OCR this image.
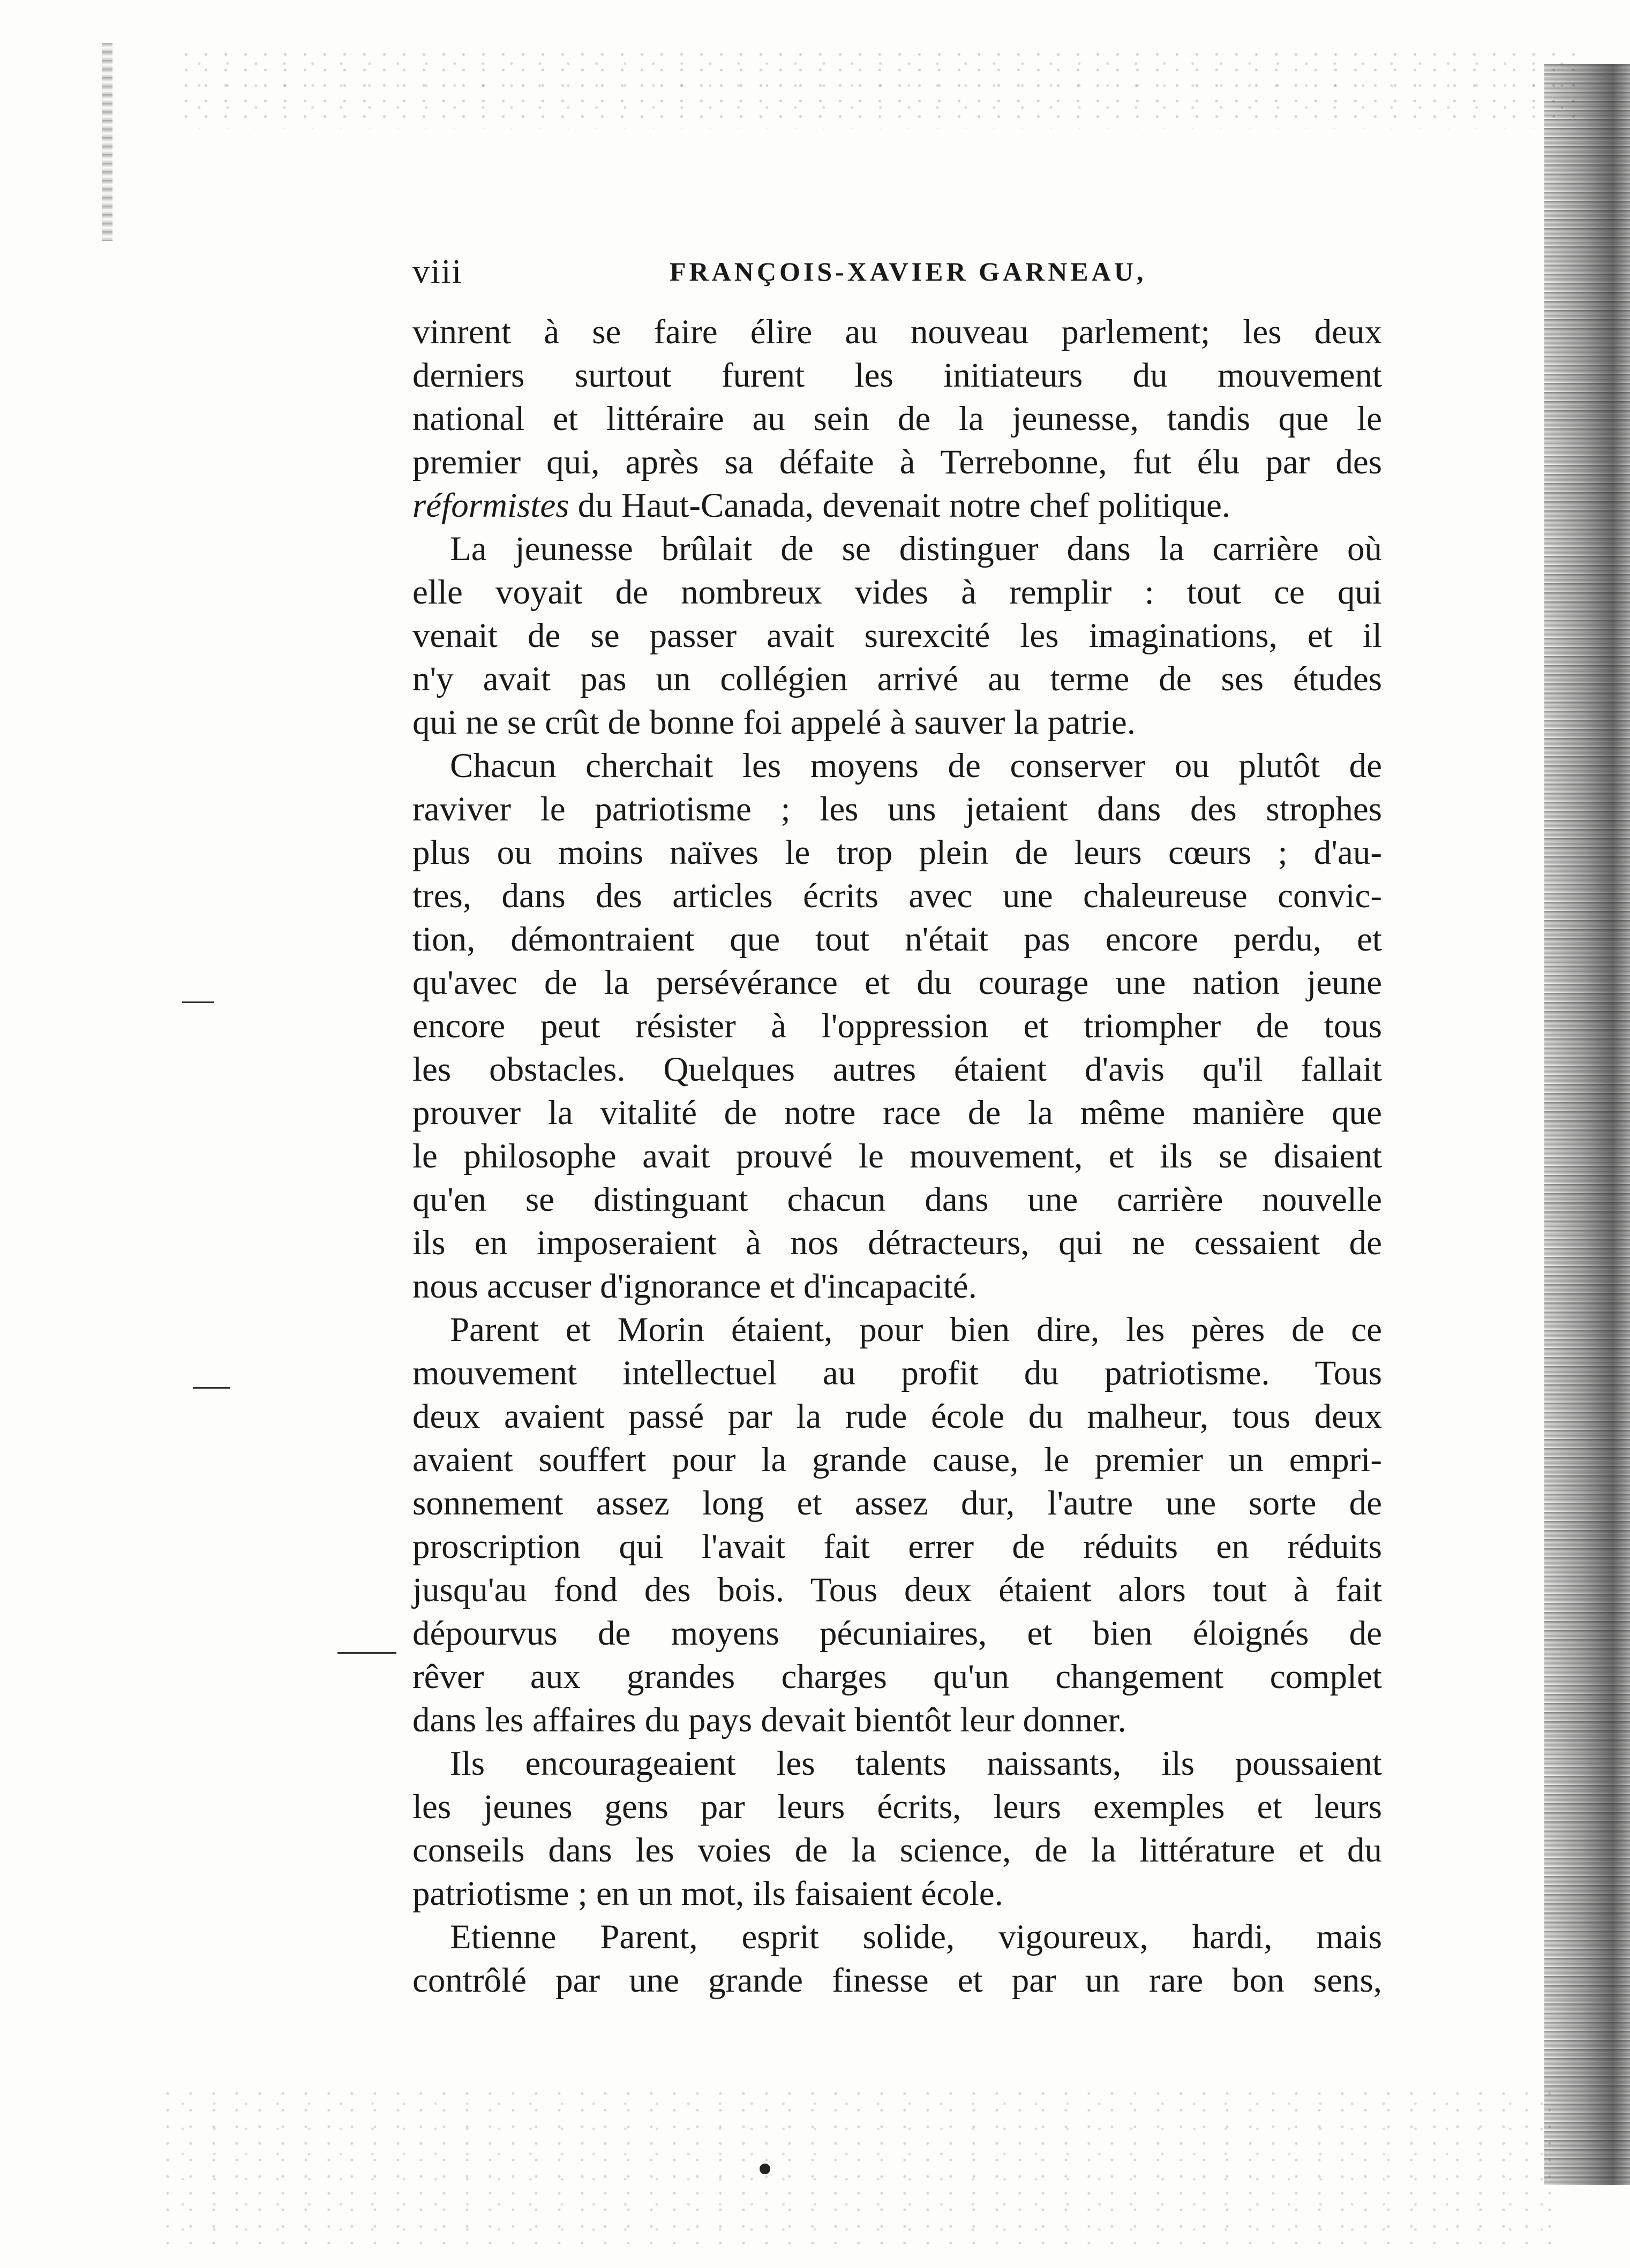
viii	FRANÇOIS-XAVIER GARNEAU,
vinrent à se faire élire au nouveau parlement; les deux
derniers surtout furent les initiateurs du mouvement
national et littéraire au sein de la jeunesse, tandis que le
premier qui, après sa défaite à Terrebonne, fut élu par des
réformistes du Haut-Canada, devenait notre chef politique.
La jeunesse brûlait de se distinguer dans la carrière où
elle voyait de nombreux vides à remplir : tout ce qui
venait de se passer avait surexcité les imaginations, et il
n'y avait pas un collégien arrivé au terme de ses études
qui ne se crût de bonne foi appelé à sauver la patrie.
Chacun cherchait les moyens de conserver ou plutôt de
raviver le patriotisme ; les uns jetaient dans des strophes
plus ou moins naïves le trop plein de leurs cœurs ; d'au-
tres, dans des articles écrits avec une chaleureuse convic-
tion, démontraient que tout n'était pas encore perdu, et
qu'avec de la persévérance et du courage une nation jeune
encore peut résister à l'oppression et triompher de tous
les obstacles. Quelques autres étaient d'avis qu'il fallait
prouver la vitalité de notre race de la même manière que
le philosophe avait prouvé le mouvement, et ils se disaient
qu'en se distinguant chacun dans une carrière nouvelle
ils en imposeraient à nos détracteurs, qui ne cessaient de
nous accuser d'ignorance et d'incapacité.
Parent et Morin étaient, pour bien dire, les pères de ce
mouvement intellectuel au profit du patriotisme. Tous
deux avaient passé par la rude école du malheur, tous deux
avaient souffert pour la grande cause, le premier un empri-
sonnement assez long et assez dur, l'autre une sorte de
proscription qui l'avait fait errer de réduits en réduits
jusqu'au fond des bois. Tous deux étaient alors tout à fait
dépourvus de moyens pécuniaires, et bien éloignés de
rêver aux grandes charges qu'un changement complet
dans les affaires du pays devait bientôt leur donner.
Ils encourageaient les talents naissants, ils poussaient
les jeunes gens par leurs écrits, leurs exemples et leurs
conseils dans les voies de la science, de la littérature et du
patriotisme ; en un mot, ils faisaient école.
Etienne Parent, esprit solide, vigoureux, hardi, mais
contrôlé par une grande finesse et par un rare bon sens,
